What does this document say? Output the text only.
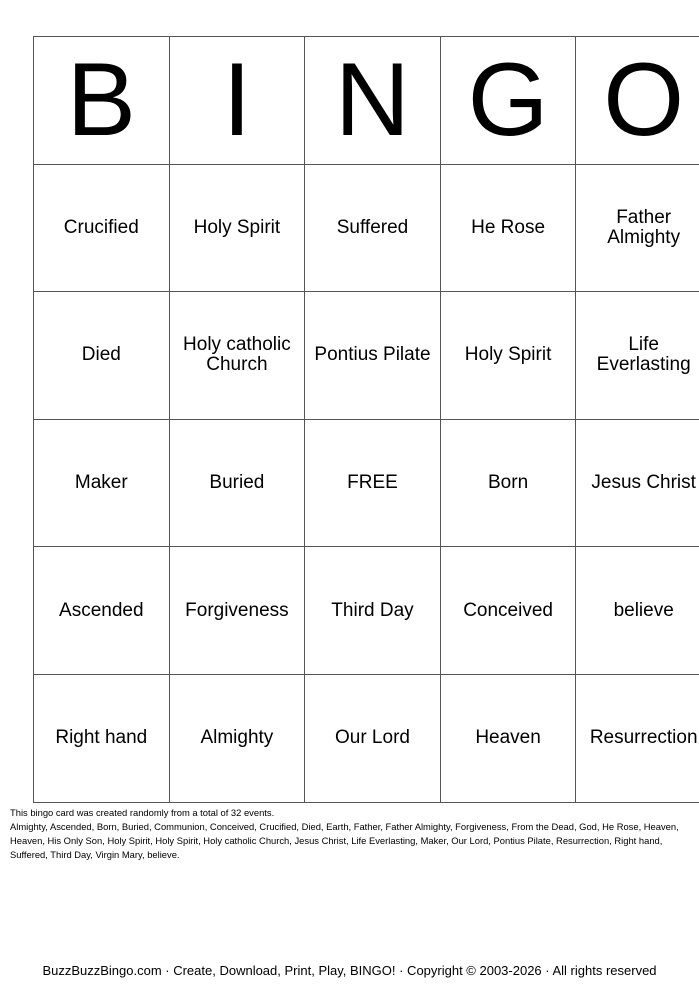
B	I	N	G	O
Crucified	Holy Spirit	Suffered	He Rose	Father Almighty
Died	Holy catholic Church	Pontius Pilate	Holy Spirit	Life Everlasting
Maker	Buried	FREE	Born	Jesus Christ
Ascended	Forgiveness	Third Day	Conceived	believe
Right hand	Almighty	Our Lord	Heaven	Resurrection
This bingo card was created randomly from a total of 32 events.
Almighty, Ascended, Born, Buried, Communion, Conceived, Crucified, Died, Earth, Father, Father Almighty, Forgiveness, From the Dead, God, He Rose, Heaven, Heaven, His Only Son, Holy Spirit, Holy Spirit, Holy catholic Church, Jesus Christ, Life Everlasting, Maker, Our Lord, Pontius Pilate, Resurrection, Right hand, Suffered, Third Day, Virgin Mary, believe.
BuzzBuzzBingo.com · Create, Download, Print, Play, BINGO! · Copyright © 2003-2026 · All rights reserved
